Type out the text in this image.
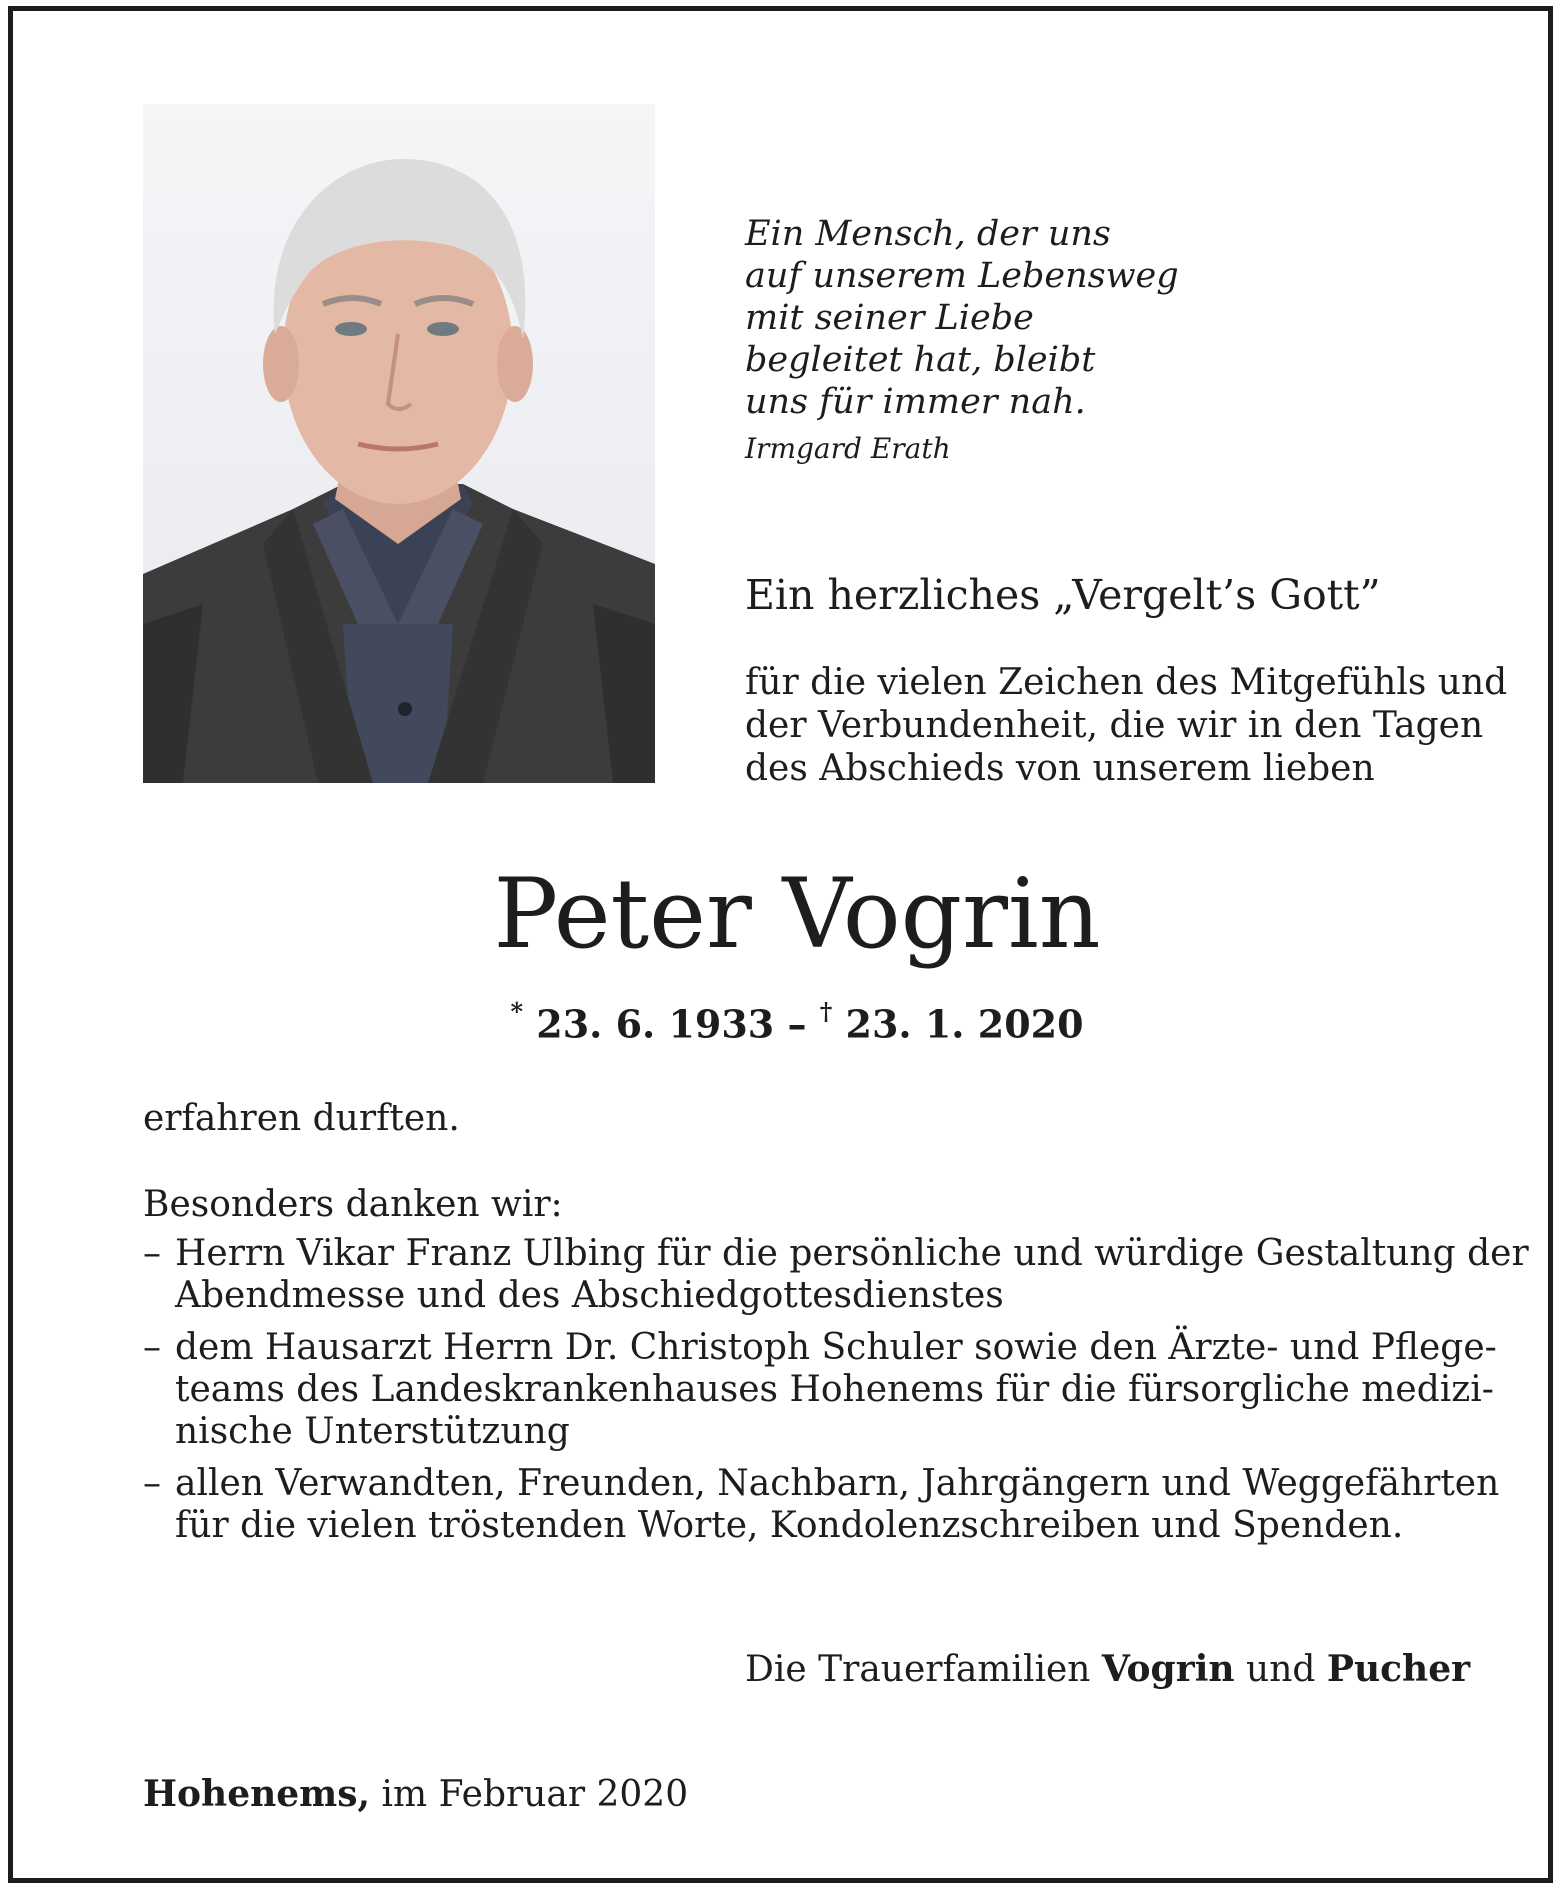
Ein Mensch, der uns
auf unserem Lebensweg
mit seiner Liebe
begleitet hat, bleibt
uns für immer nah.
Irmgard Erath
Ein herzliches „Vergelt’s Gott”
für die vielen Zeichen des Mitgefühls und
der Verbundenheit, die wir in den Tagen
des Abschieds von unserem lieben
Peter Vogrin
* 23. 6. 1933 – † 23. 1. 2020
erfahren durften.
Besonders danken wir:
– Herrn Vikar Franz Ulbing für die persönliche und würdige Gestaltung der
Abendmesse und des Abschiedgottesdienstes
– dem Hausarzt Herrn Dr. Christoph Schuler sowie den Ärzte- und Pflege-
teams des Landeskrankenhauses Hohenems für die fürsorgliche medizi-
nische Unterstützung
– allen Verwandten, Freunden, Nachbarn, Jahrgängern und Weggefährten
für die vielen tröstenden Worte, Kondolenzschreiben und Spenden.
Die Trauerfamilien Vogrin und Pucher
Hohenems, im Februar 2020
